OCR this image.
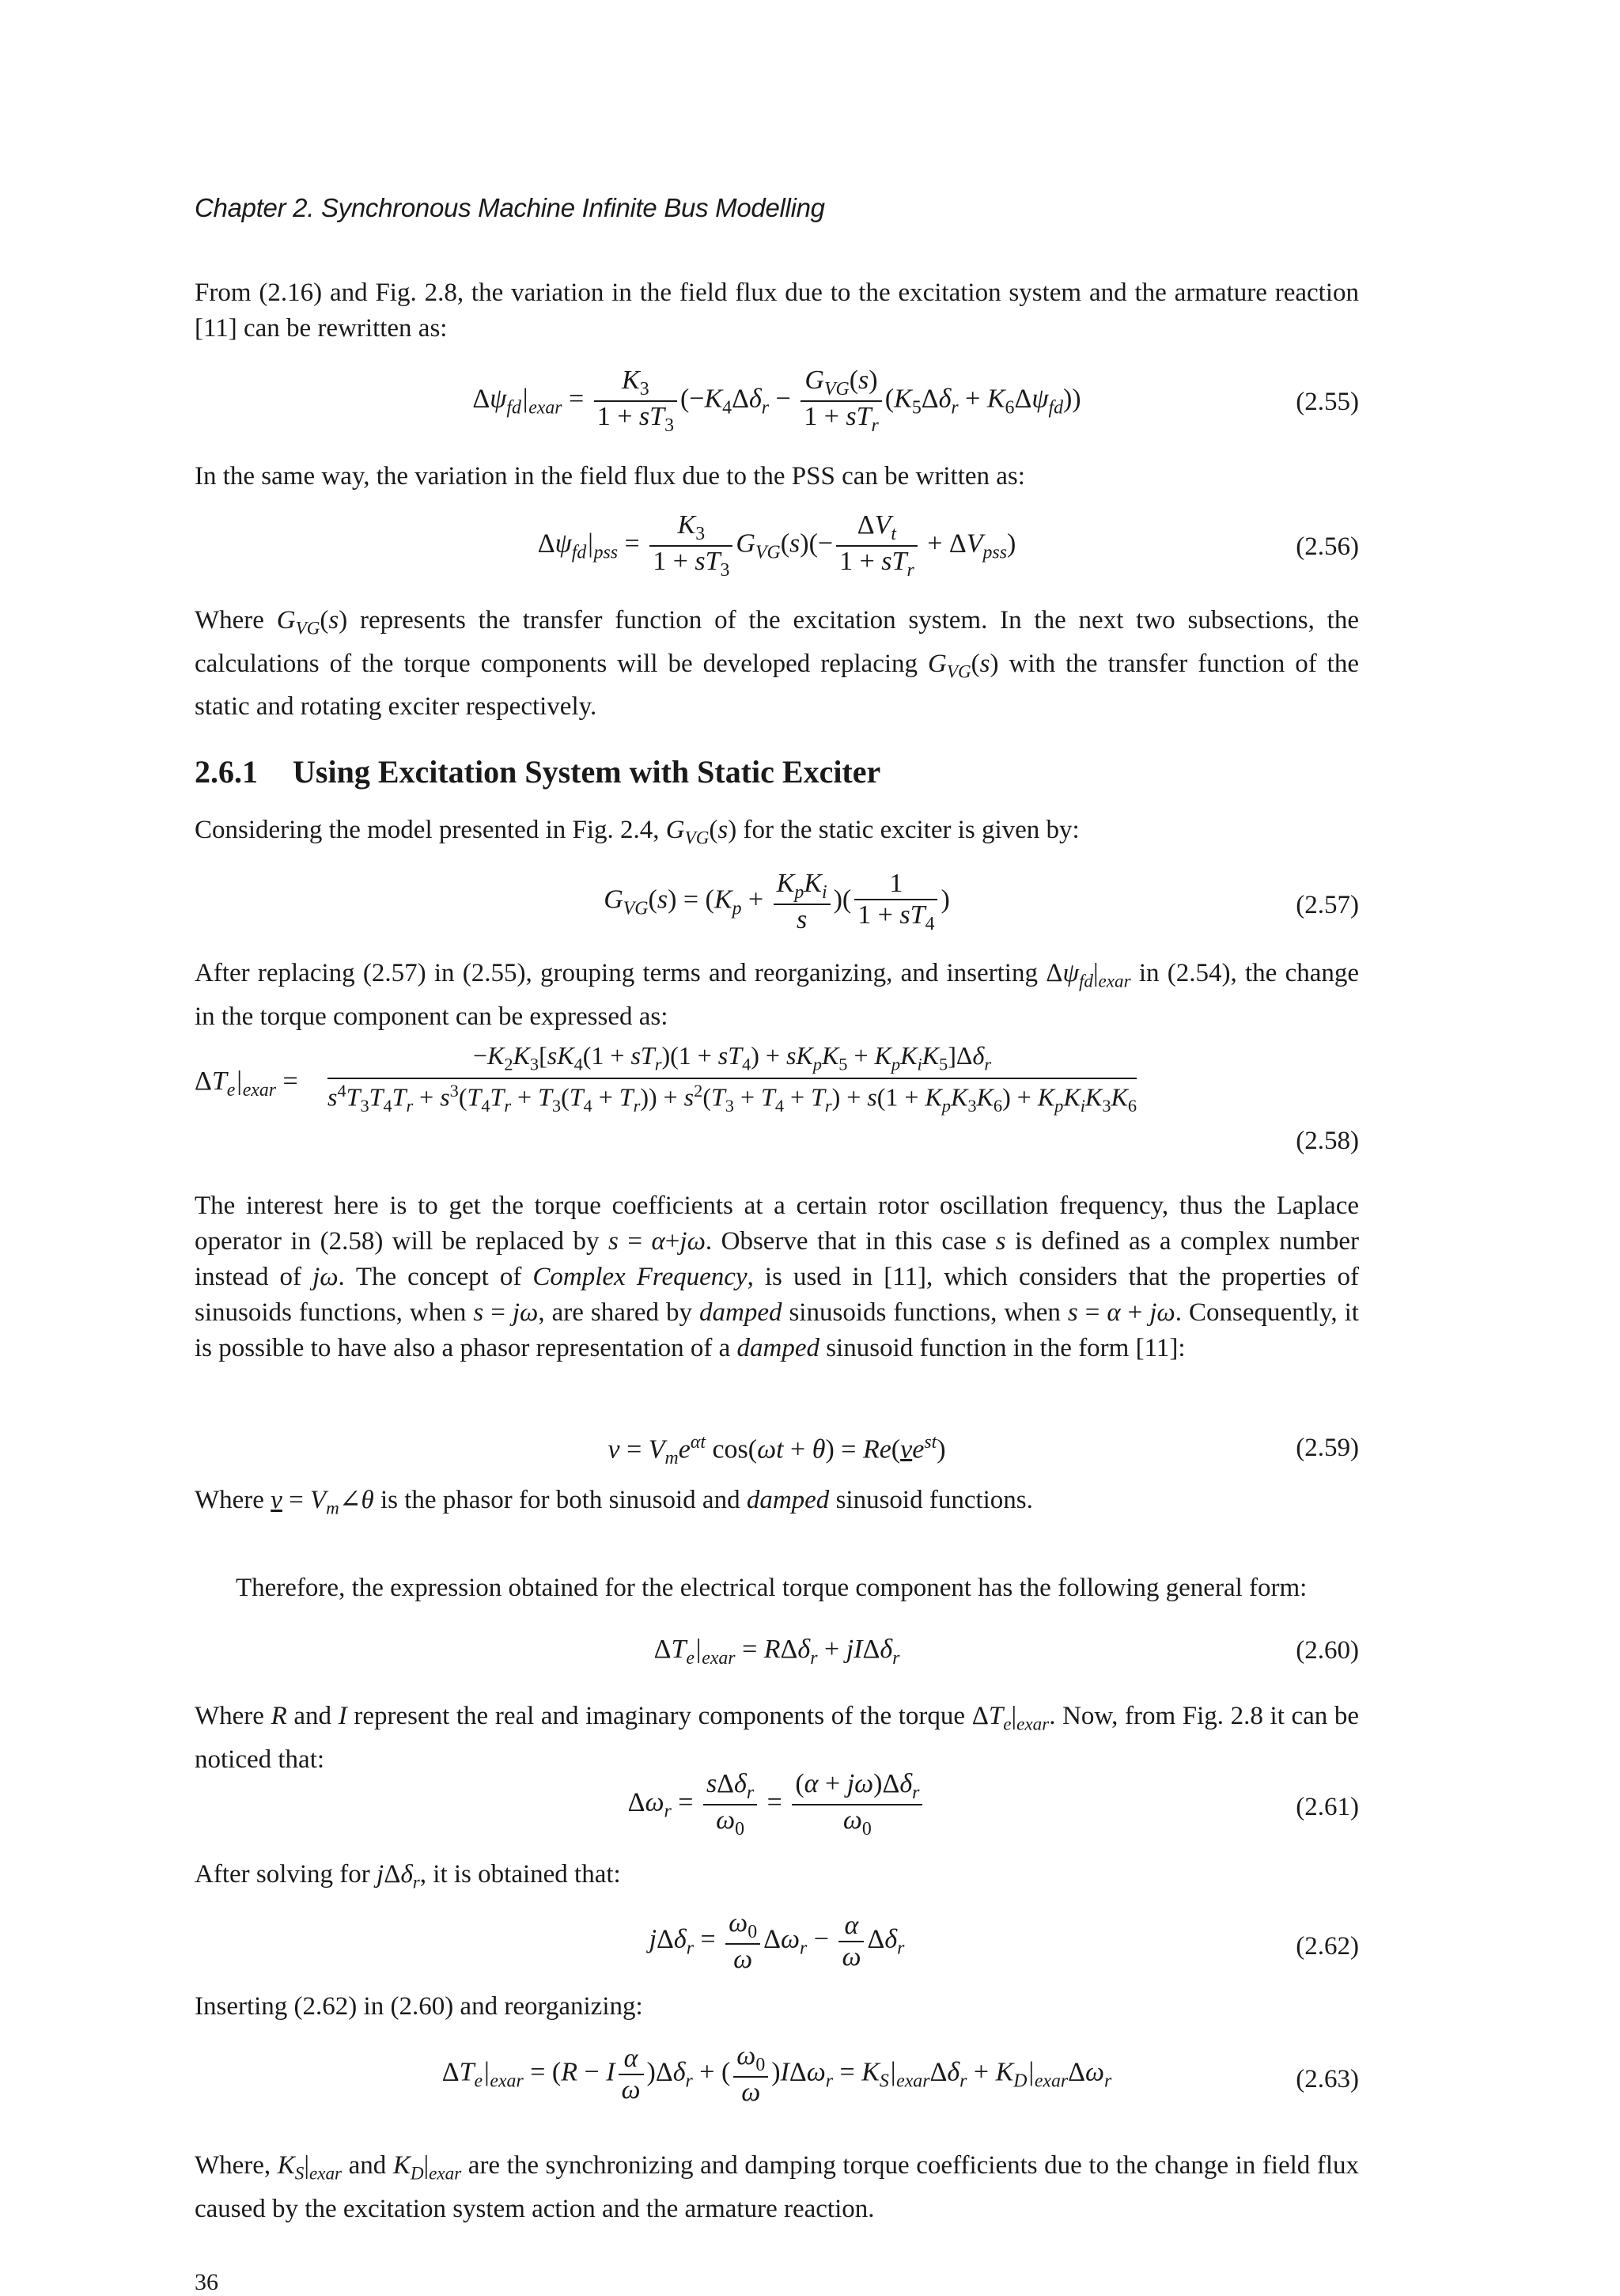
Chapter 2. Synchronous Machine Infinite Bus Modelling
From (2.16) and Fig. 2.8, the variation in the field flux due to the excitation system and the armature reaction [11] can be rewritten as:
$\Delta\psi_{fd}|_{exar} = \frac{K_3}{1 + sT_3} (-K_4\Delta\delta_r - \frac{G_{VG}(s)}{1 + sT_r} (K_5\Delta\delta_r + K_6\Delta\psi_{fd}))$	(2.55)
In the same way, the variation in the field flux due to the PSS can be written as:
$\Delta\psi_{fd}|_{pss} = \frac{K_3}{1 + sT_3} G_{VG}(s)(- \frac{\Delta V_t}{1 + sT_r} + \Delta V_{pss})$	(2.56)
Where $G_{VG}(s)$ represents the transfer function of the excitation system. In the next two subsections, the calculations of the torque components will be developed replacing $G_{VG}(s)$ with the transfer function of the static and rotating exciter respectively.
2.6.1 Using Excitation System with Static Exciter
Considering the model presented in Fig. 2.4, $G_{VG}(s)$ for the static exciter is given by:
$G_{VG}(s) = (K_p + \frac{K_pK_i}{s}$ )( $\frac{1}{1 + sT_4}$ )	(2.57)
After replacing (2.57) in (2.55), grouping terms and reorganizing, and inserting $\Delta\psi_{fd}|_{exar}$ in (2.54), the change in the torque component can be expressed as:
$\Delta T_e|_{exar}$ =
$-K_2K_3[sK_4(1 + sT_r)(1 + sT_4) + sK_pK_5 + K_pK_iK_5]\Delta\delta_r$
$s^4T_3T_4T_r + s^3(T_4T_r + T_3(T_4 + T_r)) + s^2(T_3 + T_4 + T_r) + s(1 + K_pK_3K_6) + K_pK_iK_3K_6$
(2.58)
The interest here is to get the torque coefficients at a certain rotor oscillation frequency, thus the Laplace operator in (2.58) will be replaced by s = α+jω. Observe that in this case s is defined as a complex number instead of jω. The concept of Complex Frequency, is used in [11], which considers that the properties of sinusoids functions, when s = jω, are shared by damped sinusoids functions, when s = α + jω. Consequently, it is possible to have also a phasor representation of a damped sinusoid function in the form [11]:
$v = V_me^{\alpha t}$ $\cos(\omega t + \theta) = Re(ve^{st})$	(2.59)
Where $v = V_m\angle\theta$ is the phasor for both sinusoid and damped sinusoid functions.
Therefore, the expression obtained for the electrical torque component has the following general form:
$\Delta T_e|_{exar} = R\Delta\delta_r + jI\Delta\delta_r$	(2.60)
Where R and I represent the real and imaginary components of the torque $\Delta T_e|_{exar}$. Now, from Fig. 2.8 it can be noticed that:
$\Delta\omega_r = \frac{s\Delta\delta_r}{\omega_0} = \frac{(\alpha + j\omega)\Delta\delta_r}{\omega_0}$	(2.61)
After solving for jΔδ$_r$, it is obtained that:
$j\Delta\delta_r = \frac{\omega_0}{\omega} \Delta\omega_r - \frac{\alpha}{\omega} \Delta\delta_r$	(2.62)
Inserting (2.62) in (2.60) and reorganizing:
$\Delta T_e|_{exar} = (R - I \frac{\alpha}{\omega} )\Delta\delta_r$ + ( $\frac{\omega_0}{\omega} )I\Delta\omega_r = K_S|_{exar}\Delta\delta_r + K_D|_{exar}\Delta\omega_r$	(2.63)
Where, $K_S|_{exar}$ and $K_D|_{exar}$ are the synchronizing and damping torque coefficients due to the change in field flux caused by the excitation system action and the armature reaction.
36
